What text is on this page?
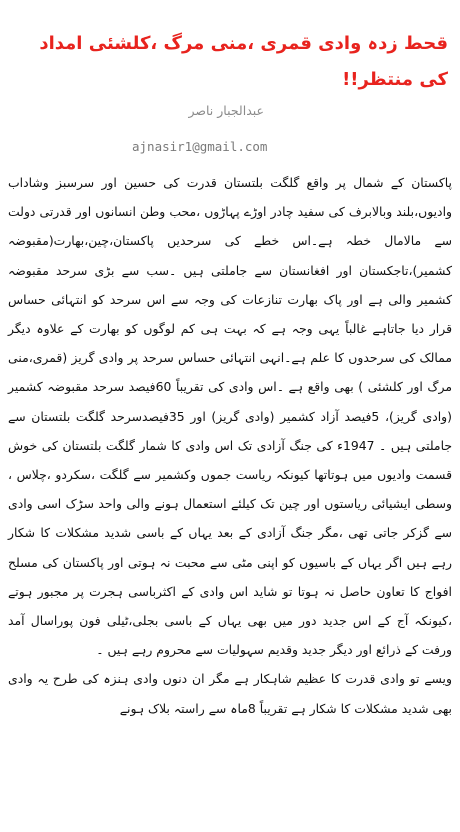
قحط زدہ وادی قمری ،منی مرگ ،کلشئی امداد کی منتظر!!
عبدالجبار ناصر
ajnasir1@gmail.com

پاکستان کے شمال پر واقع گلگت بلتستان قدرت کی حسین اور سرسبز وشاداب وادیوں،بلند وبالابرف کی سفید چادر اوڑے پہاڑوں ،محب وطن انسانوں اور قدرتی دولت سے مالامال خطہ ہے۔اس خطے کی سرحدیں پاکستان،چین،بھارت(مقبوضہ کشمیر)،تاجکستان اور افغانستان سے جاملتی ہیں ۔سب سے بڑی سرحد مقبوضہ کشمیر والی ہے اور پاک بھارت تنازعات کی وجہ سے اس سرحد کو انتہائی حساس قرار دیا جاتاہے غالباً یہی وجہ ہے کہ بہت ہی کم لوگوں کو بھارت کے علاوہ دیگر ممالک کی سرحدوں کا علم ہے۔انہی انتہائی حساس سرحد پر وادی گریز (قمری،منی مرگ اور کلشئی ) بھی واقع ہے ۔اس وادی کی تقریباً 60فیصد سرحد مقبوضہ کشمیر (وادی گریز)، 5فیصد آزاد کشمیر (وادی گریز) اور 35فیصدسرحد گلگت بلتستان سے جاملتی ہیں ۔ 1947ء کی جنگ آزادی تک اس وادی کا شمار گلگت بلتستان کی خوش قسمت وادیوں میں ہوتاتھا کیونکہ ریاست جموں وکشمیر سے گلگت ،سکردو ،چلاس ، وسطی ایشیائی ریاستوں اور چین تک کیلئے استعمال ہونے والی واحد سڑک اسی وادی سے گزکر جاتی تھی ،مگر جنگ آزادی کے بعد یہاں کے باسی شدید مشکلات کا شکار رہے ہیں اگر یہاں کے باسیوں کو اپنی مٹی سے محبت نہ ہوتی اور پاکستان کی مسلح افواج کا تعاون حاصل نہ ہوتا تو شاید اس وادی کے اکثرباسی ہجرت پر مجبور ہوتے ،کیونکہ آج کے اس جدید دور میں بھی یہاں کے باسی بجلی،ٹیلی فون پوراسال آمد ورفت کے ذرائع اور دیگر جدید وقدیم سہولیات سے محروم رہے ہیں ۔

ویسے تو وادی قدرت کا عظیم شاہکار ہے مگر ان دنوں وادی ہنزہ کی طرح یہ وادی بھی شدید مشکلات کا شکار ہے تقریباً 8ماہ سے راستہ بلاک ہونے
